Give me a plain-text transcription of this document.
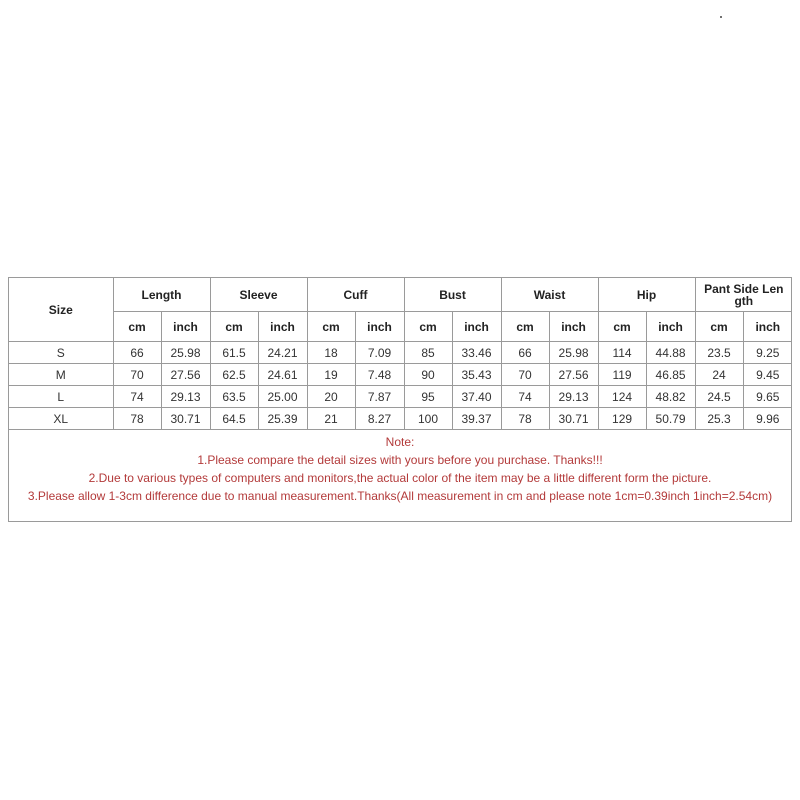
Size	Length		Sleeve		Cuff		Bust		Waist		Hip		Pant Side Len gth	
	cm	inch	cm	inch	cm	inch	cm	inch	cm	inch	cm	inch	cm	inch
S	66	25.98	61.5	24.21	18	7.09	85	33.46	66	25.98	114	44.88	23.5	9.25
M	70	27.56	62.5	24.61	19	7.48	90	35.43	70	27.56	119	46.85	24	9.45
L	74	29.13	63.5	25.00	20	7.87	95	37.40	74	29.13	124	48.82	24.5	9.65
XL	78	30.71	64.5	25.39	21	8.27	100	39.37	78	30.71	129	50.79	25.3	9.96
Note:
1.Please compare the detail sizes with yours before you purchase. Thanks!!!
2.Due to various types of computers and monitors,the actual color of the item may be a little different form the picture.
3.Please allow 1-3cm difference due to manual measurement.Thanks(All measurement in cm and please note 1cm=0.39inch 1inch=2.54cm)
